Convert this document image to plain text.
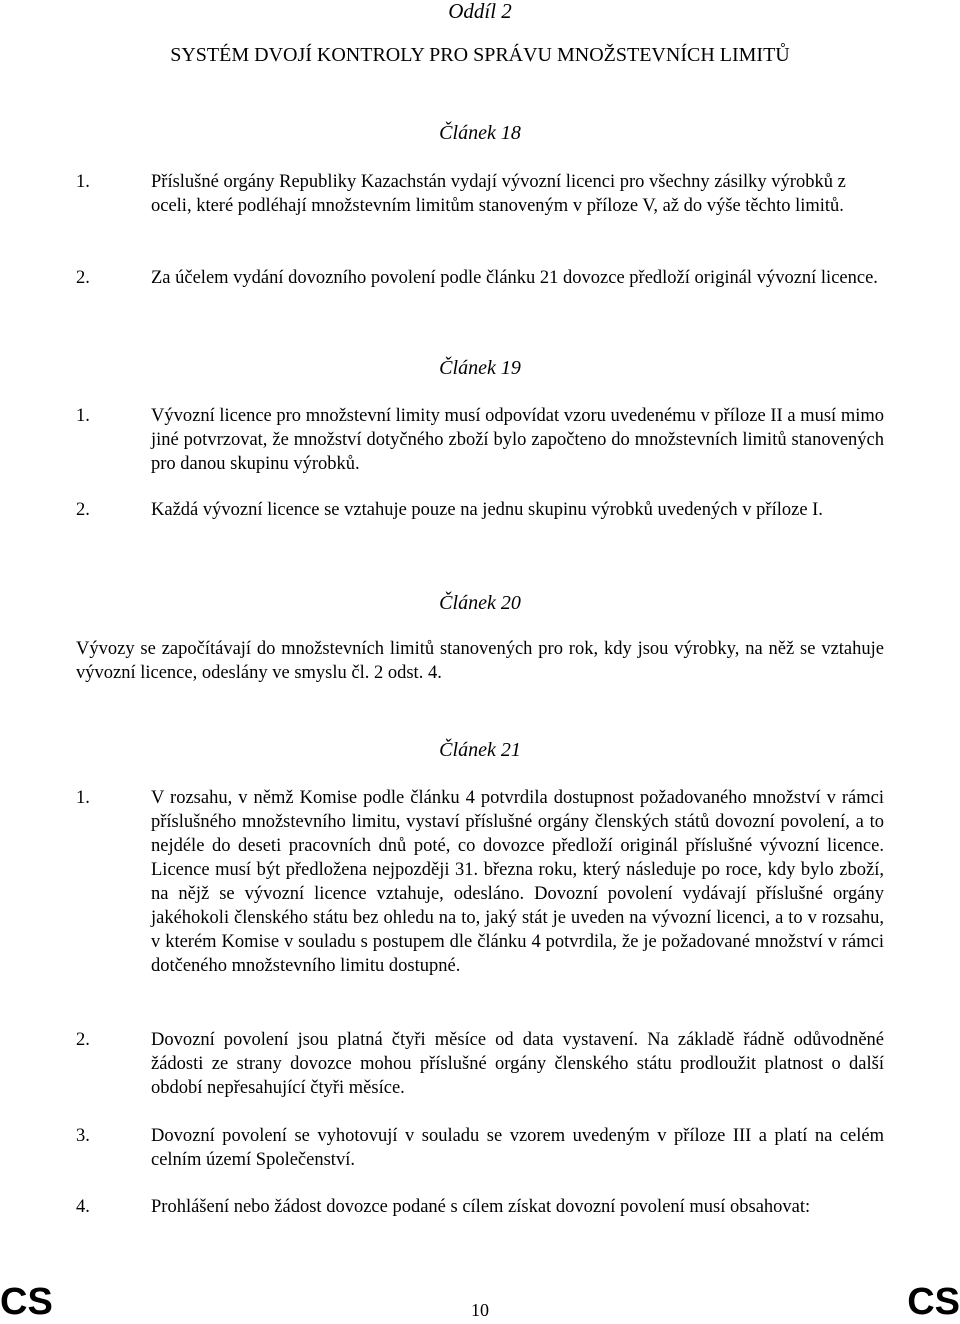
Oddíl 2
SYSTÉM DVOJÍ KONTROLY PRO SPRÁVU MNOŽSTEVNÍCH LIMITŮ
Článek 18
1.	Příslušné orgány Republiky Kazachstán vydají vývozní licenci pro všechny zásilky výrobků z oceli, které podléhají množstevním limitům stanoveným v příloze V, až do výše těchto limitů.
2.	Za účelem vydání dovozního povolení podle článku 21 dovozce předloží originál vývozní licence.
Článek 19
1.	Vývozní licence pro množstevní limity musí odpovídat vzoru uvedenému v příloze II a musí mimo jiné potvrzovat, že množství dotyčného zboží bylo započteno do množstevních limitů stanovených pro danou skupinu výrobků.
2.	Každá vývozní licence se vztahuje pouze na jednu skupinu výrobků uvedených v příloze I.
Článek 20
Vývozy se započítávají do množstevních limitů stanovených pro rok, kdy jsou výrobky, na něž se vztahuje vývozní licence, odeslány ve smyslu čl. 2 odst. 4.
Článek 21
1.	V rozsahu, v němž Komise podle článku 4 potvrdila dostupnost požadovaného množství v rámci příslušného množstevního limitu, vystaví příslušné orgány členských států dovozní povolení, a to nejdéle do deseti pracovních dnů poté, co dovozce předloží originál příslušné vývozní licence. Licence musí být předložena nejpozději 31. března roku, který následuje po roce, kdy bylo zboží, na nějž se vývozní licence vztahuje, odesláno. Dovozní povolení vydávají příslušné orgány jakéhokoli členského státu bez ohledu na to, jaký stát je uveden na vývozní licenci, a to v rozsahu, v kterém Komise v souladu s postupem dle článku 4 potvrdila, že je požadované množství v rámci dotčeného množstevního limitu dostupné.
2.	Dovozní povolení jsou platná čtyři měsíce od data vystavení. Na základě řádně odůvodněné žádosti ze strany dovozce mohou příslušné orgány členského státu prodloužit platnost o další období nepřesahující čtyři měsíce.
3.	Dovozní povolení se vyhotovují v souladu se vzorem uvedeným v příloze III a platí na celém celním území Společenství.
4.	Prohlášení nebo žádost dovozce podané s cílem získat dovozní povolení musí obsahovat:
CS	10	CS
